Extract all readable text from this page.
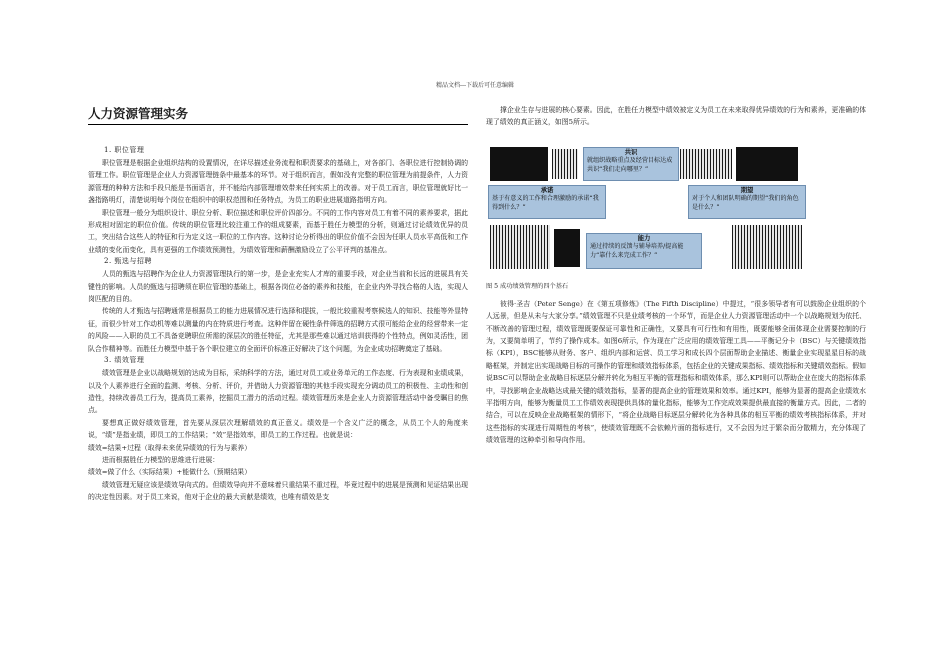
精品文档---下载后可任意编辑
人力资源管理实务
1. 职位管理

职位管理是根据企业组织结构的设置情况，在详尽描述业务流程和职责要求的基础上，对各部门、各职位进行控制协调的管理工作。职位管理是企业人力资源管理链条中最基本的环节。对于组织而言，假如没有完整的职位管理为前提条件，人力资源管理的种种方法和手段只能是书面语言，并不能给内部管理增效带来任何实质上的改善。对于员工而言，职位管理就好比一盏指路明灯，清楚说明每个岗位在组织中的职权范围和任务特点，为员工的职业进展道路指明方向。

职位管理一般分为组织设计、职位分析、职位描述和职位评价四部分。不同的工作内容对员工有着不同的素养要求，据此形成相对固定的职位价值。传统的职位管理比较注重工作的组成要素，而基于胜任力模型的分析，则通过讨论绩效优异的员工，突出结合这些人的特征和行为定义这一职位的工作内容。这种讨论分析得出的职位价值不会因为任职人员水平高低和工作业绩的变化而变化，具有更强的工作绩效预测性，为绩效管理和薪酬激励设立了公平评判的基准点。

2. 甄选与招聘

人员的甄选与招聘作为企业人力资源管理执行的第一步，是企业充实人才库的重要手段，对企业当前和长远的进展具有关键性的影响。人员的甄选与招聘须在职位管理的基础上，根据各岗位必备的素养和技能，在企业内外寻找合格的人选，实现人岗匹配的目的。

传统的人才甄选与招聘通常是根据员工的能力进展情况进行选择和提拔，一般比较重视考察候选人的知识、技能等外显特征，而很少针对工作动机等难以测量的内在特质进行考查。这种伴留在硬性条件筛选的招聘方式很可能给企业的经营带来一定的风险——入职的员工不具备竞聘职位所需的深层次的胜任特征，尤其是那些难以通过培训获得的个性特点，例如灵活性，团队合作精神等。而胜任力模型中基于各个职位建立的全面评价标准正好解决了这个问题，为企业成功招聘奠定了基础。

3. 绩效管理

绩效管理是企业以战略规划的达成为目标，采纳科学的方法，通过对员工或业务单元的工作态度、行为表现和业绩成果，以及个人素养进行全面的监测、考核、分析、评价，并借助人力资源管理的其他手段实现充分调动员工的积极性、主动性和创造性，持续改善员工行为，提高员工素养，挖掘员工潜力的活动过程。绩效管理历来是企业人力资源管理活动中备受瞩目的焦点。

要想真正做好绩效管理，首先要从深层次理解绩效的真正意义。绩效是一个含义广泛的概念，从员工个人的角度来说，“绩”是指业绩，即员工的工作结果；“效”是指效率，即员工的工作过程。也就是说：

绩效=结果+过程（取得未来优异绩效的行为与素养）

进而根据胜任力模型的思维进行进展：

绩效=做了什么（实际结果）+能做什么（预期结果）

绩效管理无疑应该是绩效导向式的。但绩效导向并不意味着只重结果不重过程，毕竟过程中的进展是预测和见证结果出现的决定性因素。对于员工来说，他对于企业的最大贡献是绩效，也唯有绩效是支

撑企业生存与进展的核心要素。因此，在胜任力模型中绩效被定义为员工在未来取得优异绩效的行为和素养，更准确的体现了绩效的真正涵义，如图5所示。

共识
就组织战略重点及经营目标达成共识“我们走向哪里？”
承诺
基于有意义的工作和合理激励的承诺“我得到什么？”
期望
对于个人和团队明确的期望“我们的角色是什么？”
能力
通过持续的反馈与辅导培养/提高能力“靠什么来完成工作？”
图 5 成功绩效管理的四个基石

彼得·圣吉（Peter Senge）在《第五项修炼》（The Fifth Discipline）中提过，“很多领导者有可以鼓励企业组织的个人远景，但是从未与大家分享。”绩效管理不只是业绩考核的一个环节，而是企业人力资源管理活动中一个以战略规划为依托、不断改善的管理过程，绩效管理既要保证可靠性和正确性，又要具有可行性和有用性，既要能够全面体现企业需要控制的行为，又要简单明了，节约了操作成本。如图6所示，作为现在广泛应用的绩效管理工具——平衡记分卡（BSC）与关键绩效指标（KPI），BSC能够从财务、客户、组织内部和运营、员工学习和成长四个层面帮助企业描述、衡量企业实现星星目标的战略框架，并制定出实现战略目标的可操作的管理和绩效指标体系，包括企业的关键成果指标、绩效指标和关键绩效指标。假如说BSC可以帮助企业战略目标逐层分解并转化为相互平衡的管理指标和绩效体系，那么KPI则可以帮助企业在庞大的指标体系中，寻找影响企业战略达成最关键的绩效指标，显著的提高企业的管理效果和效率。通过KPI，能够为显著的提高企业绩效水平指明方向，能够为衡量员工工作绩效表现提供具体的量化指标，能够为工作完成效果提供最直接的衡量方式。因此，二者的结合，可以在反映企业战略框架的情形下，“将企业战略目标逐层分解转化为各种具体的相互平衡的绩效考核指标体系，并对这些指标的实现进行周期性的考核”，使绩效管理既不会依赖片面的指标进行，又不会因为过于繁杂而分散精力，充分体现了绩效管理的这种牵引和导向作用。
